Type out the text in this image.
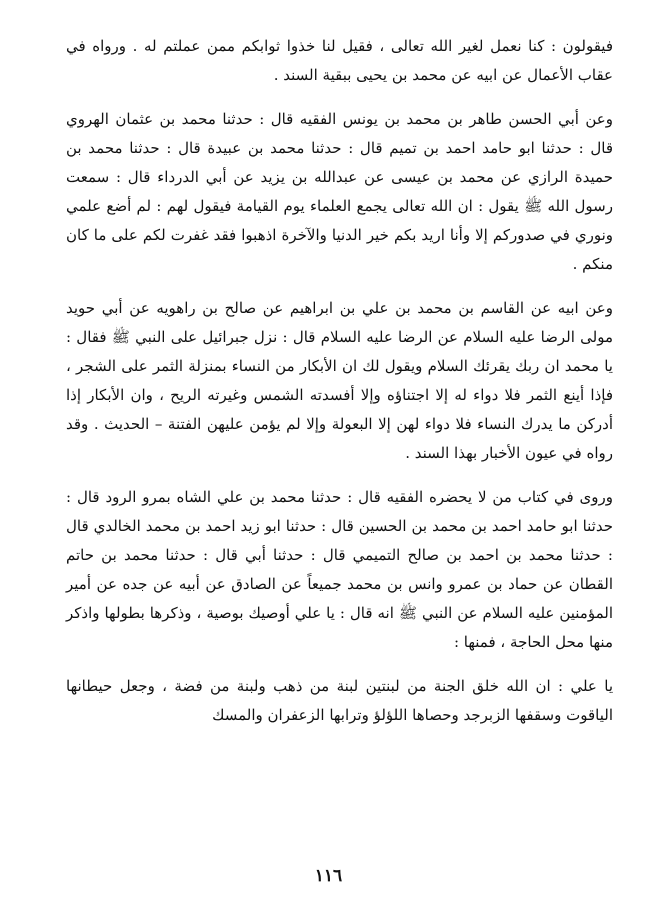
فيقولون : كنا نعمل لغير الله تعالى ، فقيل لنا خذوا ثوابكم ممن عملتم له . ورواه في عقاب الأعمال عن ابيه عن محمد بن يحيى ببقية السند .

وعن أبي الحسن طاهر بن محمد بن يونس الفقيه قال : حدثنا محمد بن عثمان الهروي قال : حدثنا ابو حامد احمد بن تميم قال : حدثنا محمد بن عبيدة قال : حدثنا محمد بن حميدة الرازي عن محمد بن عيسى عن عبدالله بن يزيد عن أبي الدرداء قال : سمعت رسول الله ﷺ يقول : ان الله تعالى يجمع العلماء يوم القيامة فيقول لهم : لم أضع علمي ونوري في صدوركم إلا وأنا اريد بكم خير الدنيا والآخرة اذهبوا فقد غفرت لكم على ما كان منكم .

وعن ابيه عن القاسم بن محمد بن علي بن ابراهيم عن صالح بن راهويه عن أبي حويد مولى الرضا عليه السلام عن الرضا عليه السلام قال : نزل جبرائيل على النبي ﷺ فقال : يا محمد ان ربك يقرئك السلام ويقول لك ان الأبكار من النساء بمنزلة الثمر على الشجر ، فإذا أينع الثمر فلا دواء له إلا اجتناؤه وإلا أفسدته الشمس وغيرته الريح ، وان الأبكار إذا أدركن ما يدرك النساء فلا دواء لهن إلا البعولة وإلا لم يؤمن عليهن الفتنة – الحديث . وقد رواه في عيون الأخبار بهذا السند .

وروى في كتاب من لا يحضره الفقيه قال : حدثنا محمد بن علي الشاه بمرو الرود قال : حدثنا ابو حامد احمد بن محمد بن الحسين قال : حدثنا ابو زيد احمد بن محمد الخالدي قال : حدثنا محمد بن احمد بن صالح التميمي قال : حدثنا أبي قال : حدثنا محمد بن حاتم القطان عن حماد بن عمرو وانس بن محمد جميعاً عن الصادق عن أبيه عن جده عن أمير المؤمنين عليه السلام عن النبي ﷺ انه قال : يا علي أوصيك بوصية ، وذكرها بطولها واذكر منها محل الحاجة ، فمنها :

يا علي : ان الله خلق الجنة من لبنتين لبنة من ذهب ولبنة من فضة ، وجعل حيطانها الياقوت وسقفها الزبرجد وحصاها اللؤلؤ وترابها الزعفران والمسك

١١٦
